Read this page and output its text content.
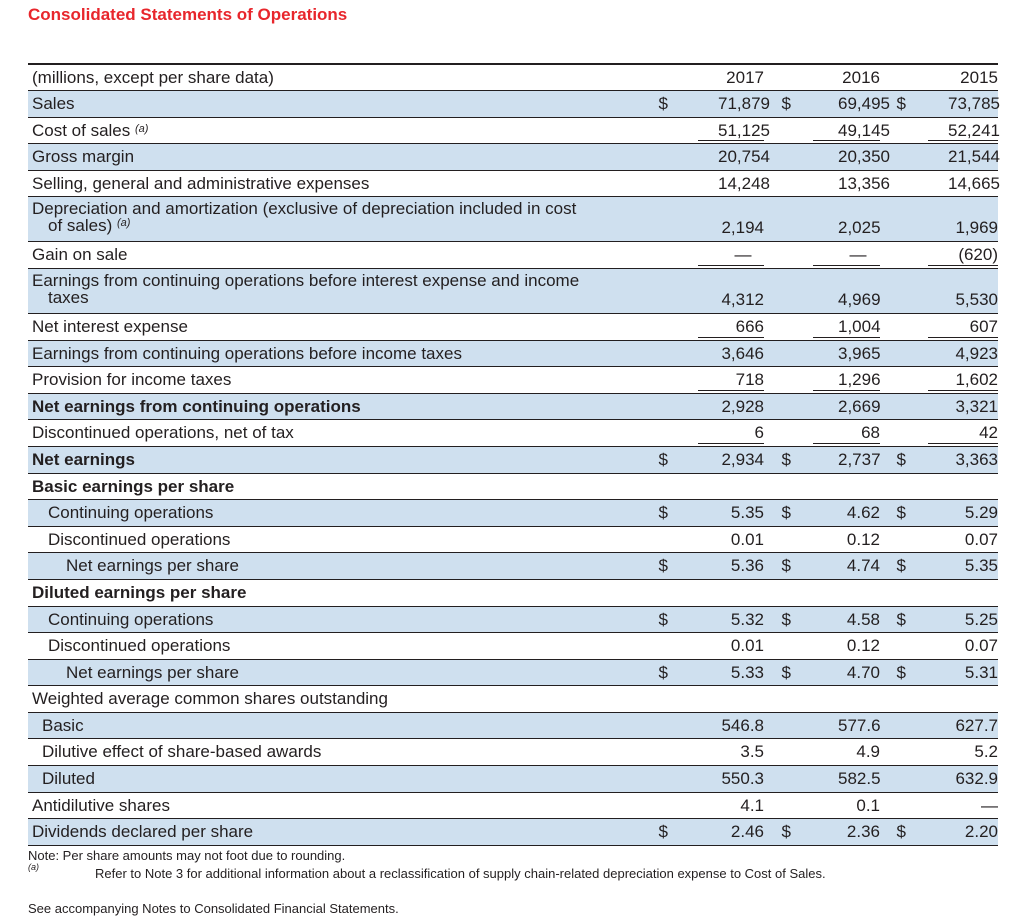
Consolidated Statements of Operations
(millions, except per share data)	2017	2016	2015
Sales	$	71,879 $	69,495 $ 73,785
Cost of sales $^{(a)}$	51,125	49,145	52,241
Gross margin	20,754	20,350	21,544
Selling, general and administrative expenses	14,248	13,356	14,665
Depreciation and amortization (exclusive of depreciation included in cost
of sales) $^{(a)}$	2,194	2,025	1,969
Gain on sale	—	—	(620)
Earnings from continuing operations before interest expense and income
taxes	4,312	4,969	5,530
Net interest expense	666	1,004	607
Earnings from continuing operations before income taxes	3,646	3,965	4,923
Provision for income taxes	718	1,296	1,602
Net earnings from continuing operations	2,928	2,669	3,321
Discontinued operations, net of tax	6	68	42
Net earnings	$	2,934	$	2,737 $	3,363
Basic earnings per share
Continuing operations	$	5.35	$	4.62 $	5.29
Discontinued operations	0.01	0.12	0.07
Net earnings per share	$	5.36	$	4.74 $	5.35
Diluted earnings per share
Continuing operations	$	5.32	$	4.58 $	5.25
Discontinued operations	0.01	0.12	0.07
Net earnings per share	$	5.33	$	4.70 $	5.31
Weighted average common shares outstanding
Basic	546.8	577.6	627.7
Dilutive effect of share-based awards	3.5	4.9	5.2
Diluted	550.3	582.5	632.9
Antidilutive shares	4.1	0.1	—
Dividends declared per share	$	2.46	$	2.36 $	2.20
Note: Per share amounts may not foot due to rounding.
(a)	Refer to Note 3 for additional information about a reclassification of supply chain-related depreciation expense to Cost of Sales.
See accompanying Notes to Consolidated Financial Statements.
